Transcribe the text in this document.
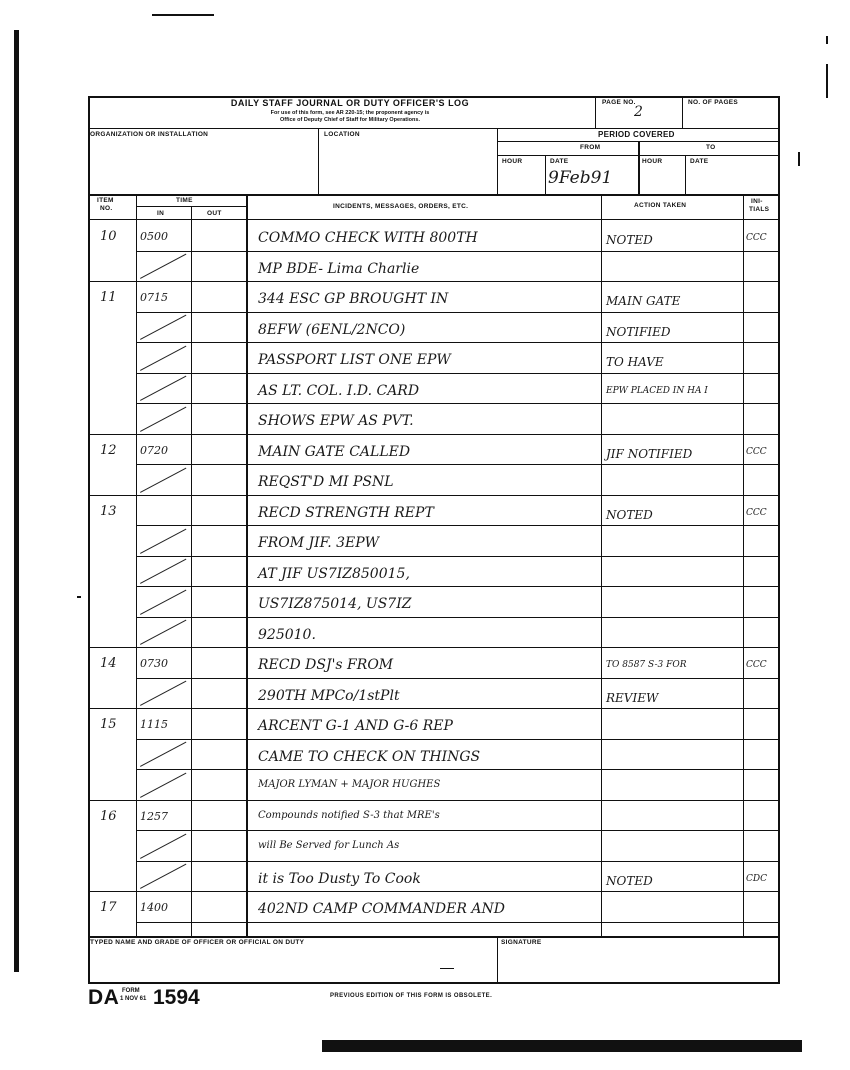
DAILY STAFF JOURNAL OR DUTY OFFICER'S LOG
For use of this form, see AR 220-15; the proponent agency is
Office of Deputy Chief of Staff for Military Operations.
PAGE NO.
2
NO. OF PAGES
ORGANIZATION OR INSTALLATION	LOCATION	PERIOD COVERED
FROM	TO
HOUR	DATE	HOUR	DATE
9Feb91
ITEM
NO.
TIME
IN	OUT
INCIDENTS, MESSAGES, ORDERS, ETC.	ACTION TAKEN
INI-
TIALS
10 0500	COMMO CHECK WITH 800TH	NOTED	CCC
MP BDE- Lima Charlie
11 0715	344 ESC GP BROUGHT IN	MAIN GATE
8EFW (6ENL/2NCO)	NOTIFIED
PASSPORT LIST ONE EPW	TO HAVE
AS LT. COL. I.D. CARD	EPW PLACED IN HA I
SHOWS EPW AS PVT.
12 0720	MAIN GATE CALLED	JIF NOTIFIED	CCC
REQST'D MI PSNL
13	RECD STRENGTH REPT	NOTED	CCC
FROM JIF. 3EPW
AT JIF US7IZ850015,
US7IZ875014, US7IZ
925010.
14 0730	RECD DSJ's FROM	TO 8587 S-3 FOR	CCC
290TH MPCo/1stPlt	REVIEW
15 1115	ARCENT G-1 AND G-6 REP
CAME TO CHECK ON THINGS
MAJOR LYMAN + MAJOR HUGHES
16 1257	Compounds notified S-3 that MRE's
will Be Served for Lunch As
it is Too Dusty To Cook	NOTED	CDC
17 1400	402ND CAMP COMMANDER AND
TYPED NAME AND GRADE OF OFFICER OR OFFICIAL ON DUTY	SIGNATURE
DA FORM
1 NOV 61 1594	PREVIOUS EDITION OF THIS FORM IS OBSOLETE.
